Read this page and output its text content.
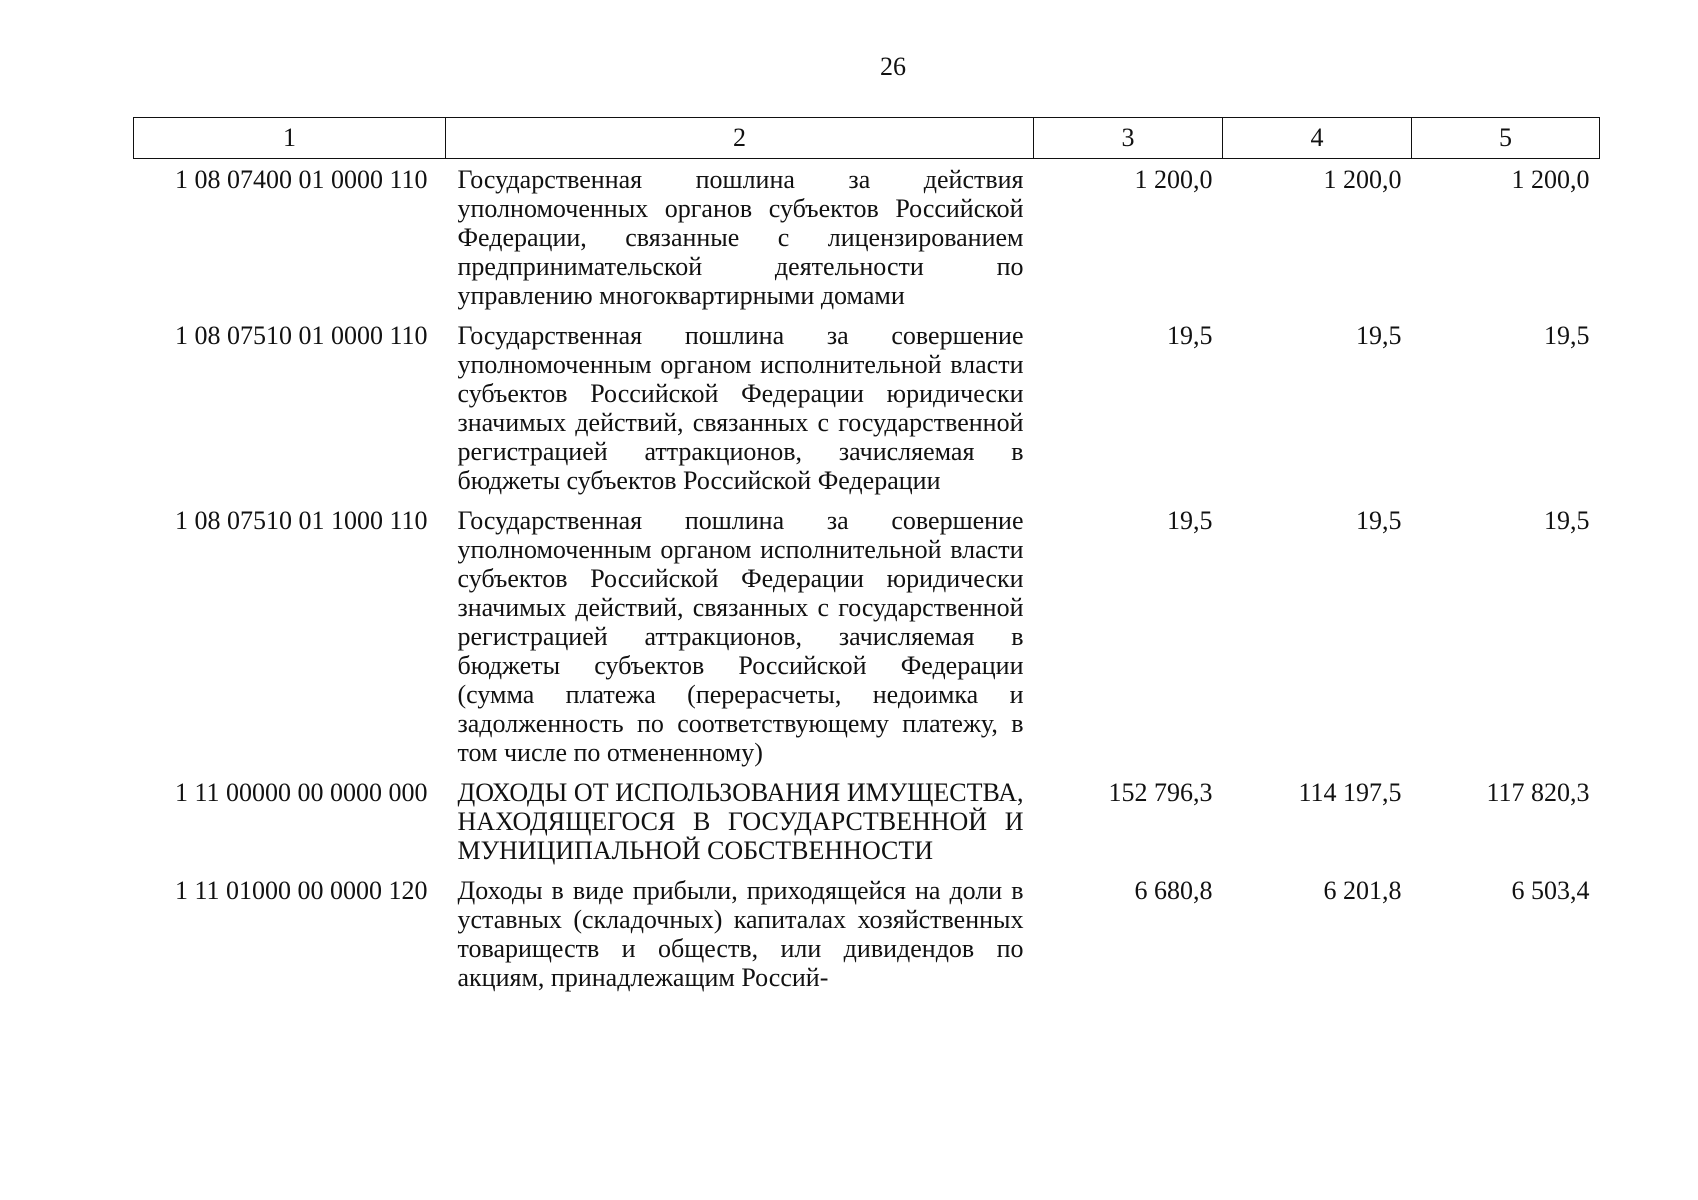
26
1	2	3	4	5
1 08 07400 01 0000 110	Государственная пошлина за действия уполномоченных органов субъектов Российской Федерации, связанные с лицензированием предпринимательской деятельности по управлению многоквартирными домами	1 200,0	1 200,0	1 200,0
1 08 07510 01 0000 110	Государственная пошлина за совершение уполномоченным органом исполнительной власти субъектов Российской Федерации юридически значимых действий, связанных с государственной регистрацией аттракционов, зачисляемая в бюджеты субъектов Российской Федерации	19,5	19,5	19,5
1 08 07510 01 1000 110	Государственная пошлина за совершение уполномоченным органом исполнительной власти субъектов Российской Федерации юридически значимых действий, связанных с государственной регистрацией аттракционов, зачисляемая в бюджеты субъектов Российской Федерации (сумма платежа (перерасчеты, недоимка и задолженность по соответствующему платежу, в том числе по отмененному)	19,5	19,5	19,5
1 11 00000 00 0000 000	ДОХОДЫ ОТ ИСПОЛЬЗОВАНИЯ ИМУЩЕСТВА, НАХОДЯЩЕГОСЯ В ГОСУДАРСТВЕННОЙ И МУНИЦИПАЛЬНОЙ СОБСТВЕННОСТИ	152 796,3	114 197,5	117 820,3
1 11 01000 00 0000 120	Доходы в виде прибыли, приходящейся на доли в уставных (складочных) капиталах хозяйственных товариществ и обществ, или дивидендов по акциям, принадлежащим Россий-	6 680,8	6 201,8	6 503,4
